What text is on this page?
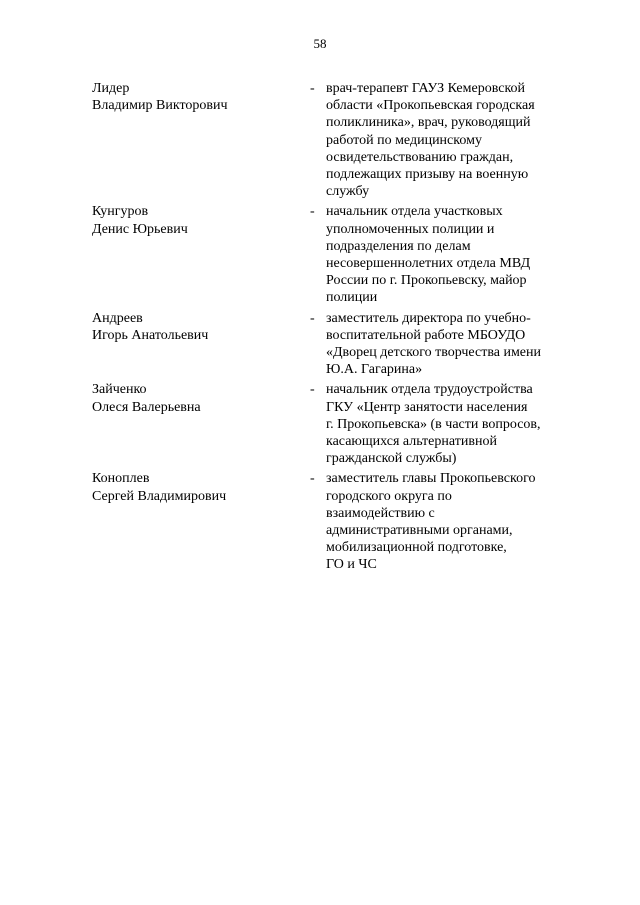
58
Лидер
Владимир Викторович
- врач-терапевт ГАУЗ Кемеровской
области «Прокопьевская городская
поликлиника», врач, руководящий
работой по медицинскому
освидетельствованию граждан,
подлежащих призыву на военную
службу
Кунгуров
Денис Юрьевич
- начальник отдела участковых
уполномоченных полиции и
подразделения по делам
несовершеннолетних отдела МВД
России по г. Прокопьевску, майор
полиции
Андреев
Игорь Анатольевич
- заместитель директора по учебно-
воспитательной работе МБОУДО
«Дворец детского творчества имени
Ю.А. Гагарина»
Зайченко
Олеся Валерьевна
- начальник отдела трудоустройства
ГКУ «Центр занятости населения
г. Прокопьевска» (в части вопросов,
касающихся альтернативной
гражданской службы)
Коноплев
Сергей Владимирович
- заместитель главы Прокопьевского
городского округа по
взаимодействию с
административными органами,
мобилизационной подготовке,
ГО и ЧС
